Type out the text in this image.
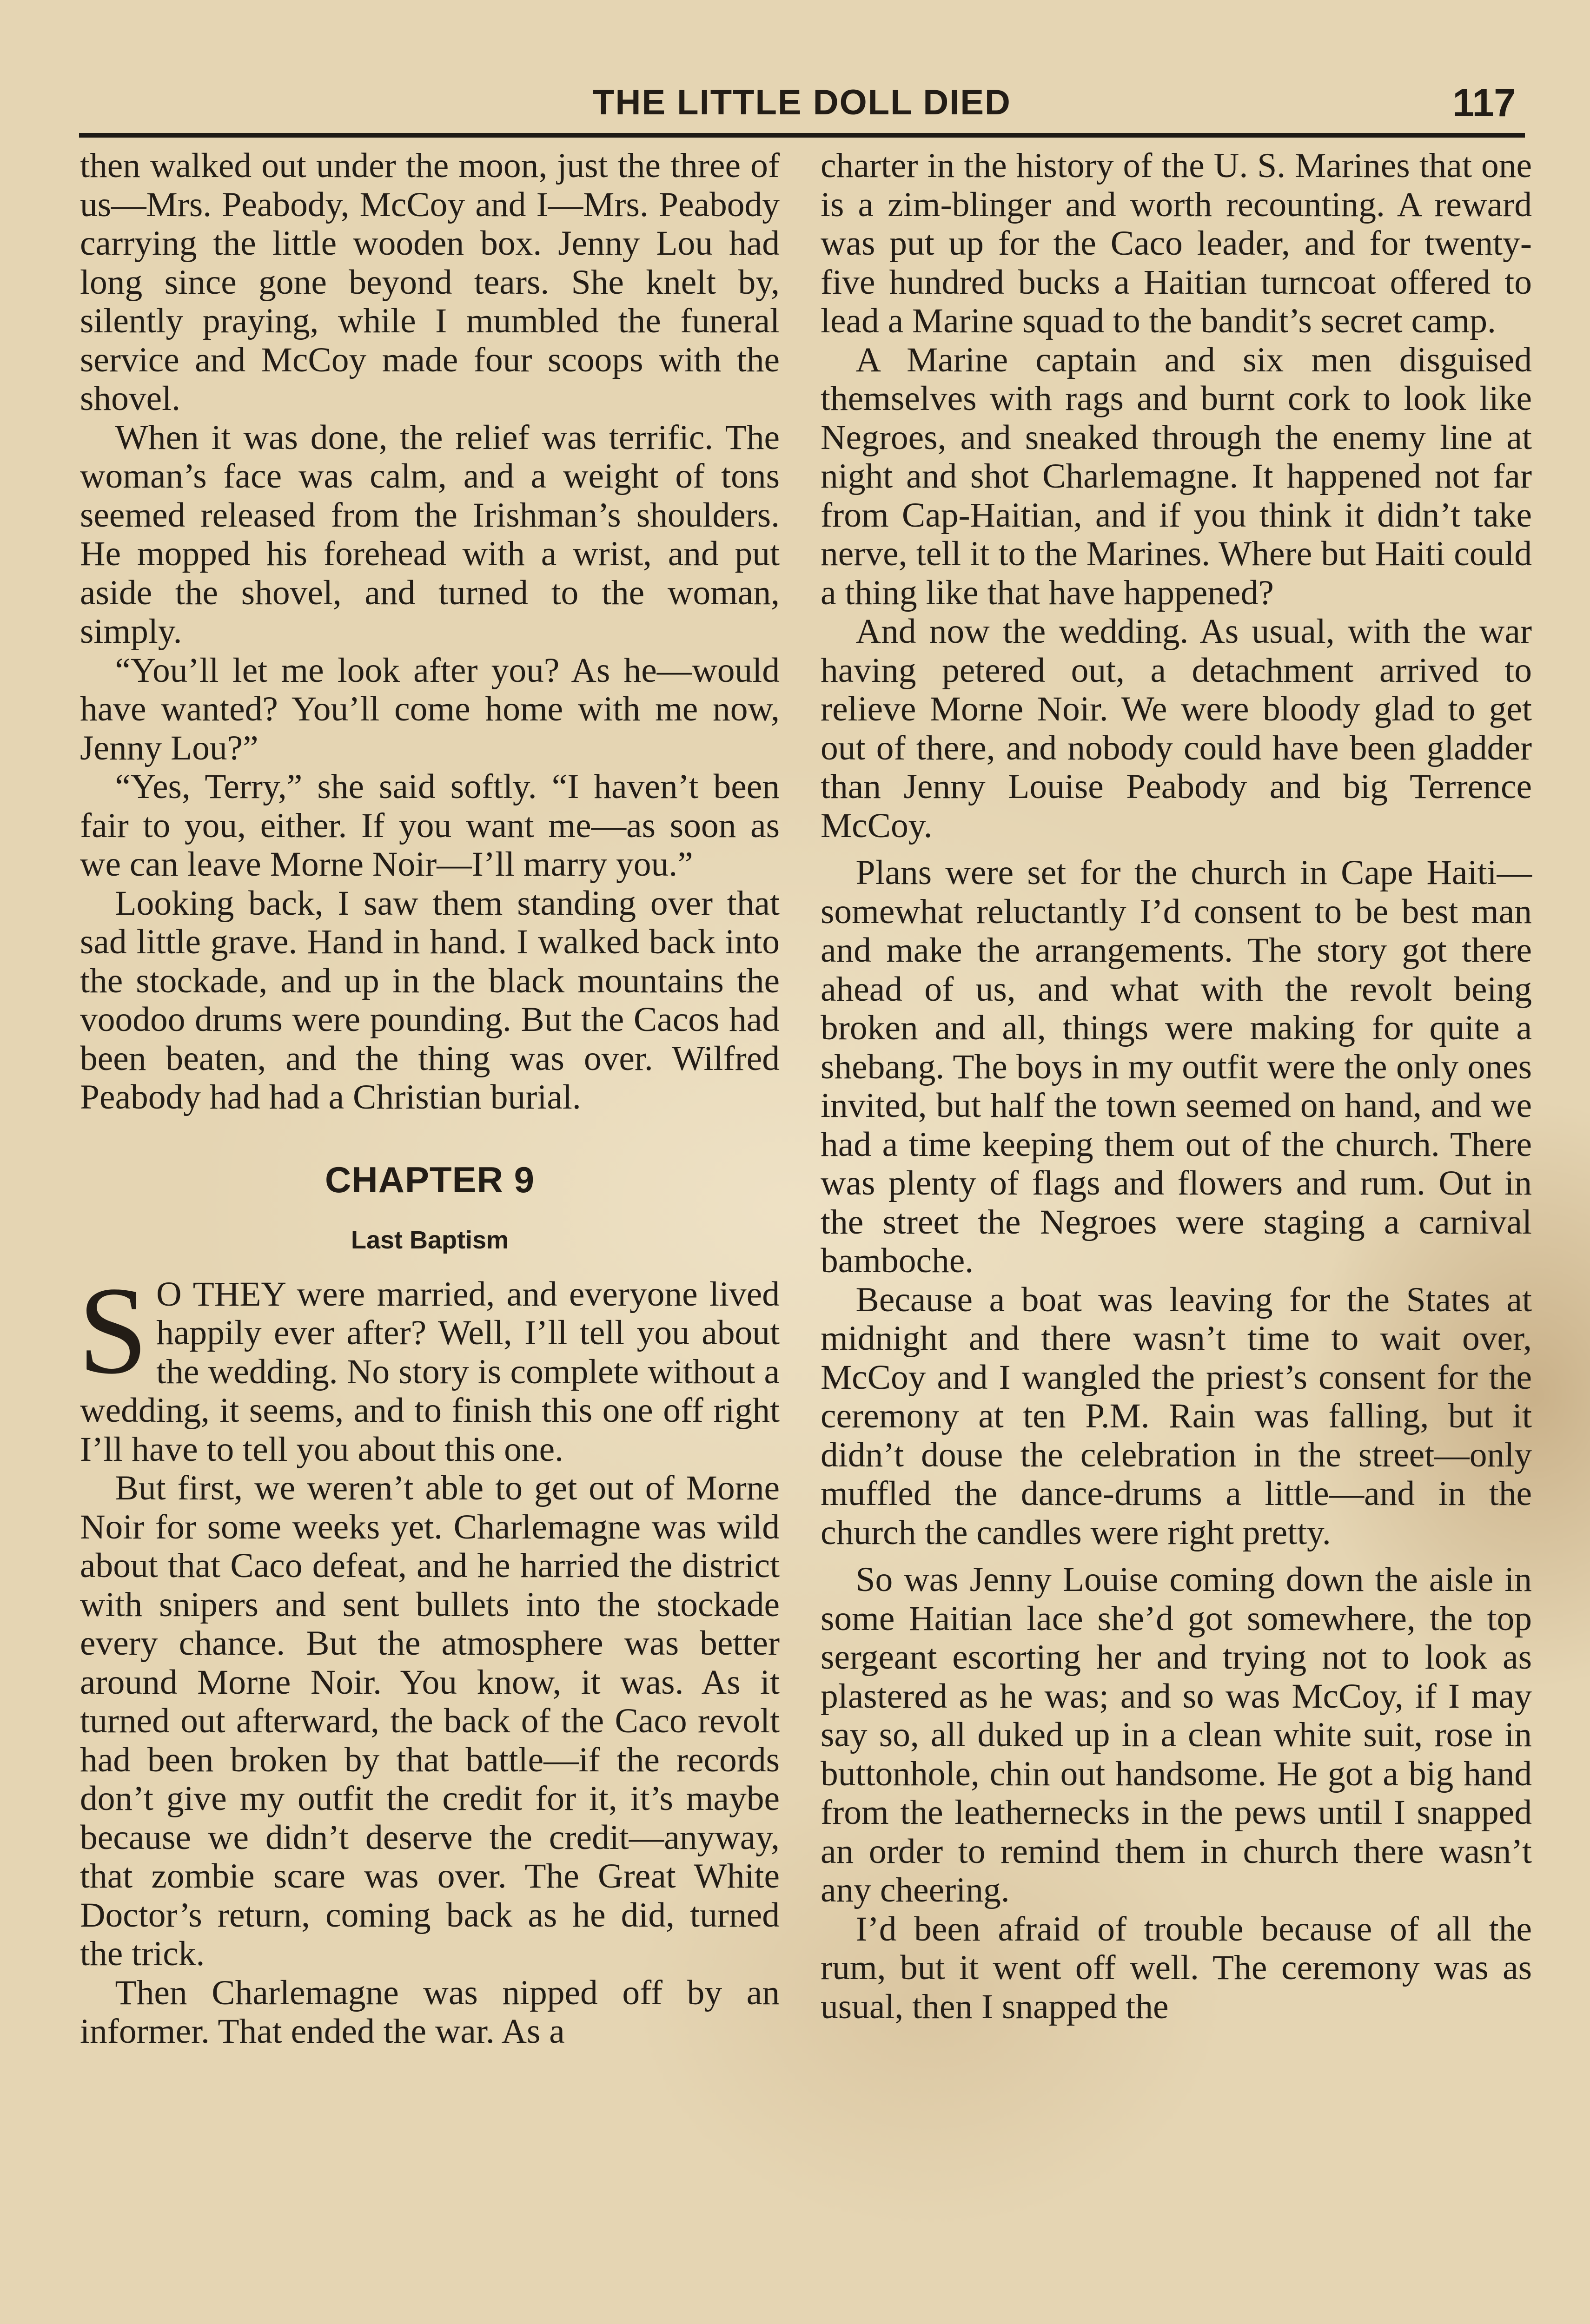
THE LITTLE DOLL DIED	117

then walked out under the moon, just the three of us—Mrs. Peabody, McCoy and I—Mrs. Peabody carrying the little wooden box. Jenny Lou had long since gone beyond tears. She knelt by, silently praying, while I mumbled the funeral service and McCoy made four scoops with the shovel.

When it was done, the relief was terrific. The woman’s face was calm, and a weight of tons seemed released from the Irishman’s shoulders. He mopped his forehead with a wrist, and put aside the shovel, and turned to the woman, simply.

“You’ll let me look after you? As he—would have wanted? You’ll come home with me now, Jenny Lou?”

“Yes, Terry,” she said softly. “I haven’t been fair to you, either. If you want me—as soon as we can leave Morne Noir—I’ll marry you.”

Looking back, I saw them standing over that sad little grave. Hand in hand. I walked back into the stockade, and up in the black mountains the voodoo drums were pounding. But the Cacos had been beaten, and the thing was over. Wilfred Peabody had had a Christian burial.

CHAPTER 9
Last Baptism

S O THEY were married, and everyone lived happily ever after? Well, I’ll tell you about the wedding. No story is complete without a wedding, it seems, and to finish this one off right I’ll have to tell you about this one.

But first, we weren’t able to get out of Morne Noir for some weeks yet. Charlemagne was wild about that Caco defeat, and he harried the district with snipers and sent bullets into the stockade every chance. But the atmosphere was better around Morne Noir. You know, it was. As it turned out afterward, the back of the Caco revolt had been broken by that battle—if the records don’t give my outfit the credit for it, it’s maybe because we didn’t deserve the credit—anyway, that zombie scare was over. The Great White Doctor’s return, coming back as he did, turned the trick.

Then Charlemagne was nipped off by an informer. That ended the war. As a

charter in the history of the U. S. Marines that one is a zim-blinger and worth recounting. A reward was put up for the Caco leader, and for twenty-five hundred bucks a Haitian turncoat offered to lead a Marine squad to the bandit’s secret camp.

A Marine captain and six men disguised themselves with rags and burnt cork to look like Negroes, and sneaked through the enemy line at night and shot Charlemagne. It happened not far from Cap-Haitian, and if you think it didn’t take nerve, tell it to the Marines. Where but Haiti could a thing like that have happened?

And now the wedding. As usual, with the war having petered out, a detachment arrived to relieve Morne Noir. We were bloody glad to get out of there, and nobody could have been gladder than Jenny Louise Peabody and big Terrence McCoy.

Plans were set for the church in Cape Haiti—somewhat reluctantly I’d consent to be best man and make the arrangements. The story got there ahead of us, and what with the revolt being broken and all, things were making for quite a shebang. The boys in my outfit were the only ones invited, but half the town seemed on hand, and we had a time keeping them out of the church. There was plenty of flags and flowers and rum. Out in the street the Negroes were staging a carnival bamboche.

Because a boat was leaving for the States at midnight and there wasn’t time to wait over, McCoy and I wangled the priest’s consent for the ceremony at ten P.M. Rain was falling, but it didn’t douse the celebration in the street—only muffled the dance-drums a little—and in the church the candles were right pretty.

So was Jenny Louise coming down the aisle in some Haitian lace she’d got somewhere, the top sergeant escorting her and trying not to look as plastered as he was; and so was McCoy, if I may say so, all duked up in a clean white suit, rose in buttonhole, chin out handsome. He got a big hand from the leathernecks in the pews until I snapped an order to remind them in church there wasn’t any cheering.

I’d been afraid of trouble because of all the rum, but it went off well. The ceremony was as usual, then I snapped the
